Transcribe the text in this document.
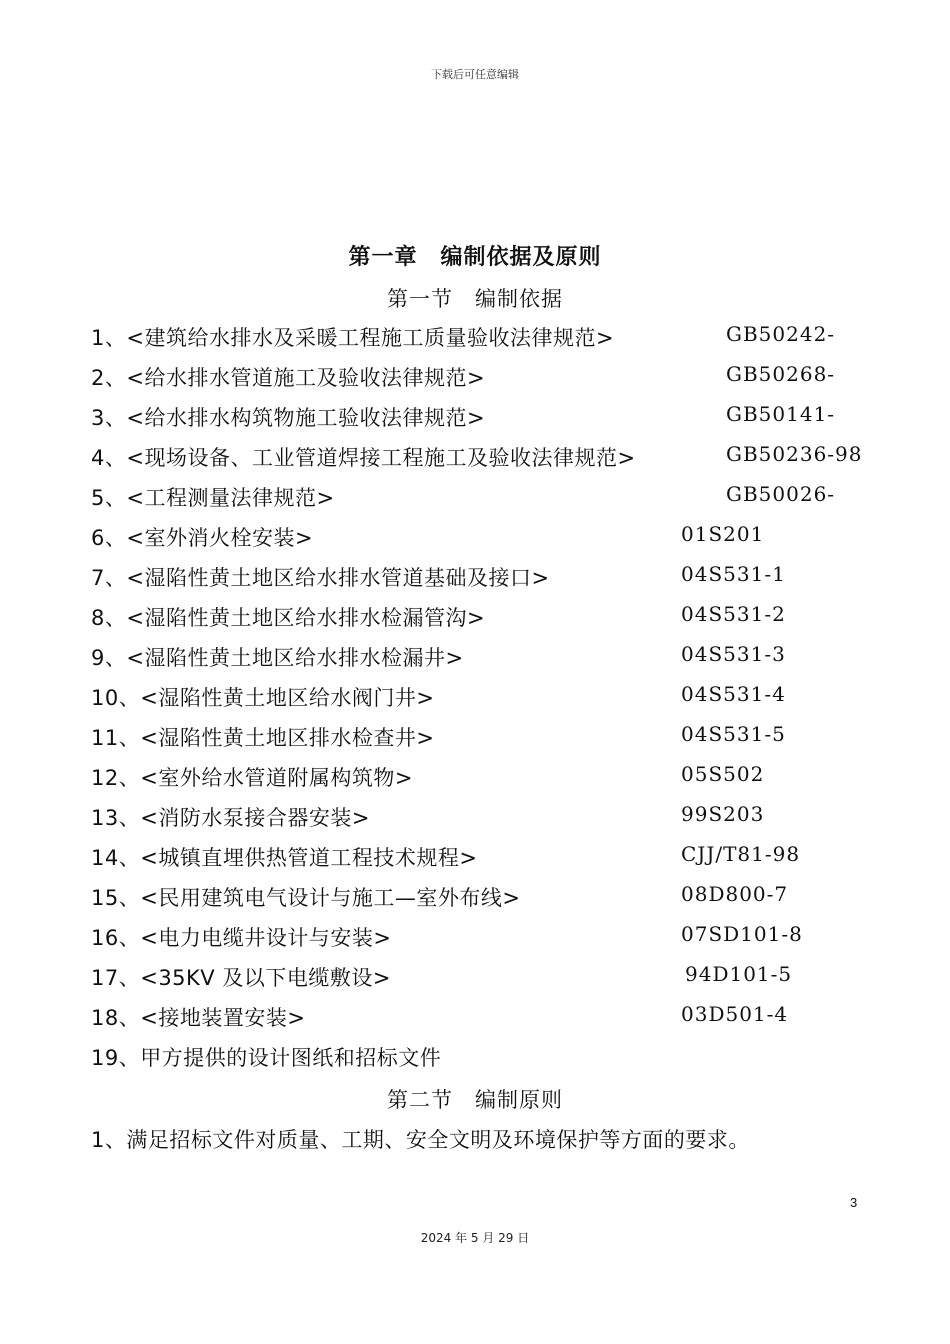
下载后可任意编辑
第一章　编制依据及原则
第一节　编制依据
1、<建筑给水排水及采暖工程施工质量验收法律规范>	GB50242-
2、<给水排水管道施工及验收法律规范>	GB50268-
3、<给水排水构筑物施工验收法律规范>	GB50141-
4、<现场设备、工业管道焊接工程施工及验收法律规范>	GB50236-98
5、<工程测量法律规范>	GB50026-
6、<室外消火栓安装>	01S201
7、<湿陷性黄土地区给水排水管道基础及接口>	04S531-1
8、<湿陷性黄土地区给水排水检漏管沟>	04S531-2
9、<湿陷性黄土地区给水排水检漏井>	04S531-3
10、<湿陷性黄土地区给水阀门井>	04S531-4
11、<湿陷性黄土地区排水检查井>	04S531-5
12、<室外给水管道附属构筑物>	05S502
13、<消防水泵接合器安装>	99S203
14、<城镇直埋供热管道工程技术规程>	CJJ/T81-98
15、<民用建筑电气设计与施工—室外布线>	08D800-7
16、<电力电缆井设计与安装>	07SD101-8
17、<35KV 及以下电缆敷设>	94D101-5
18、<接地装置安装>	03D501-4
19、甲方提供的设计图纸和招标文件
第二节　编制原则
1、满足招标文件对质量、工期、安全文明及环境保护等方面的要求。
3
2024 年 5 月 29 日
